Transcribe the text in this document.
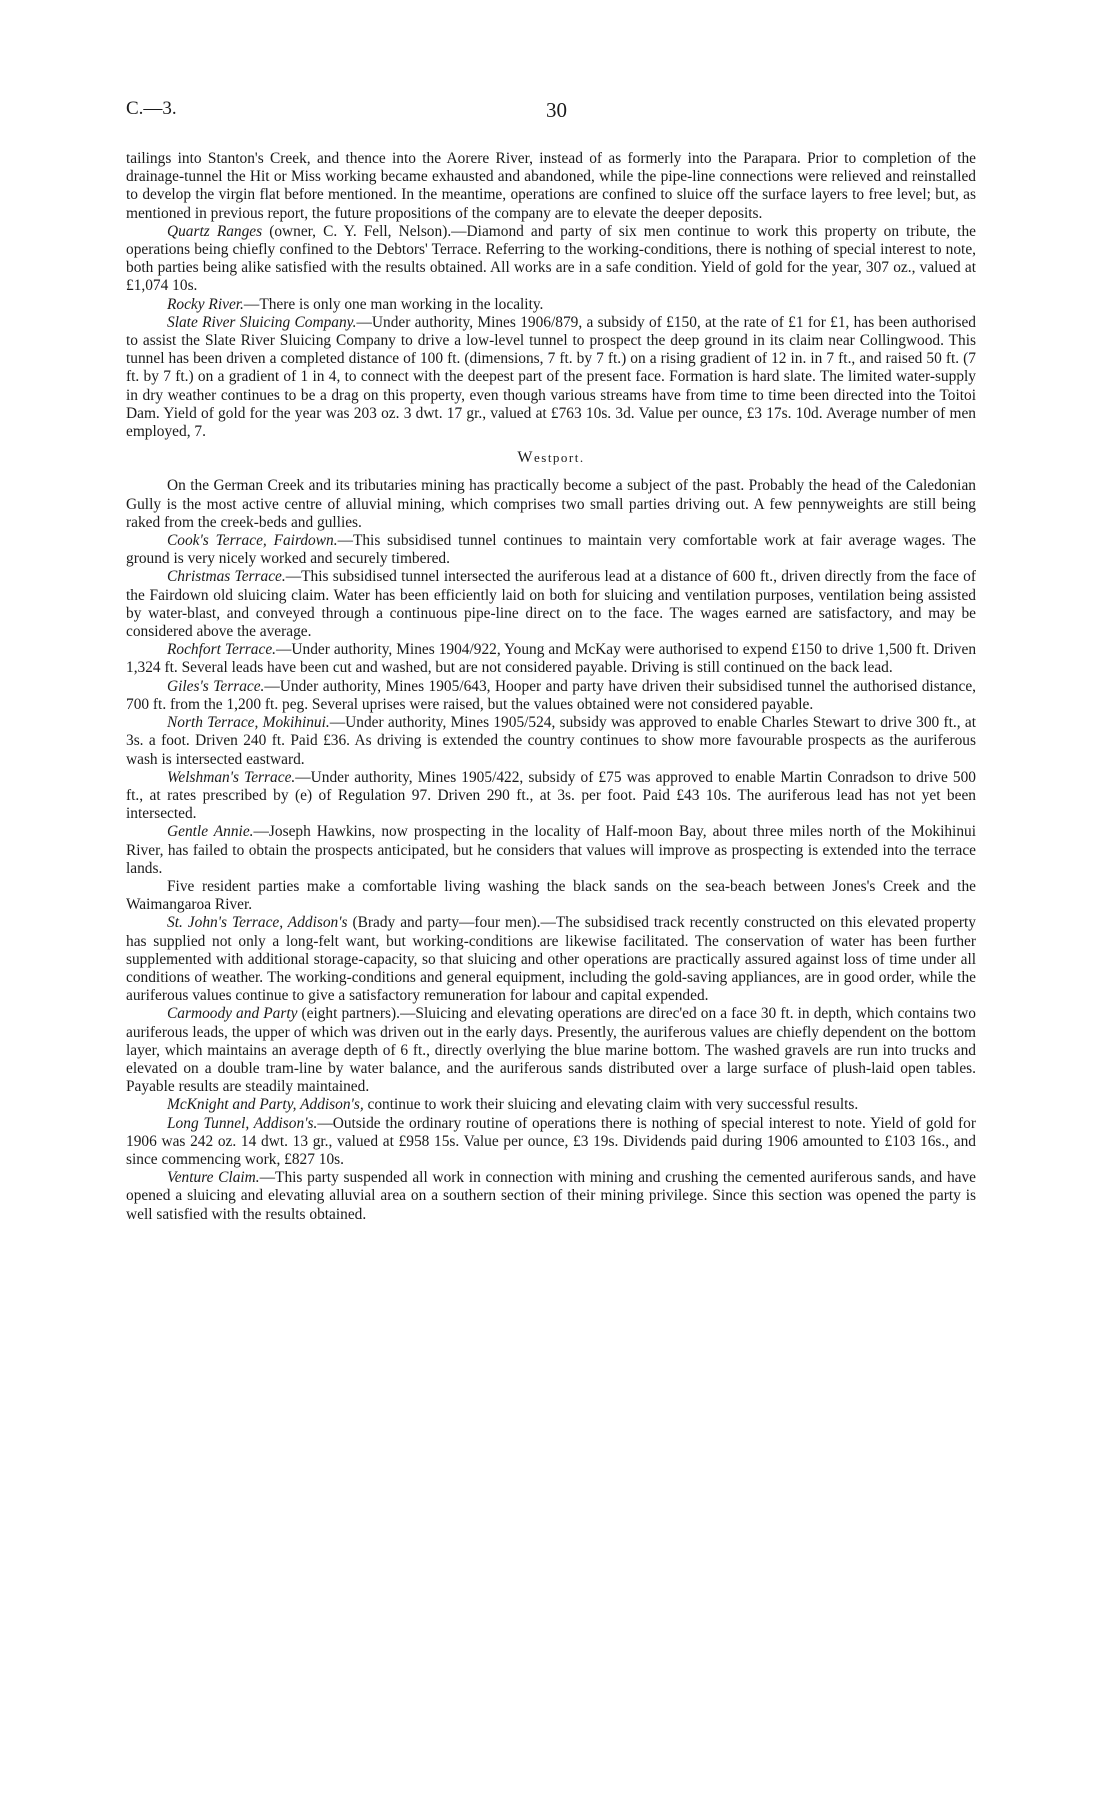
C.—3.	30

tailings into Stanton's Creek, and thence into the Aorere River, instead of as formerly into the Parapara. Prior to completion of the drainage-tunnel the Hit or Miss working became exhausted and abandoned, while the pipe-line connections were relieved and reinstalled to develop the virgin flat before mentioned. In the meantime, operations are confined to sluice off the surface layers to free level; but, as mentioned in previous report, the future propositions of the company are to elevate the deeper deposits.

Quartz Ranges (owner, C. Y. Fell, Nelson).—Diamond and party of six men continue to work this property on tribute, the operations being chiefly confined to the Debtors' Terrace. Referring to the working-conditions, there is nothing of special interest to note, both parties being alike satisfied with the results obtained. All works are in a safe condition. Yield of gold for the year, 307 oz., valued at £1,074 10s.

Rocky River.—There is only one man working in the locality.

Slate River Sluicing Company.—Under authority, Mines 1906/879, a subsidy of £150, at the rate of £1 for £1, has been authorised to assist the Slate River Sluicing Company to drive a low-level tunnel to prospect the deep ground in its claim near Collingwood. This tunnel has been driven a completed distance of 100 ft. (dimensions, 7 ft. by 7 ft.) on a rising gradient of 12 in. in 7 ft., and raised 50 ft. (7 ft. by 7 ft.) on a gradient of 1 in 4, to connect with the deepest part of the present face. Formation is hard slate. The limited water-supply in dry weather continues to be a drag on this property, even though various streams have from time to time been directed into the Toitoi Dam. Yield of gold for the year was 203 oz. 3 dwt. 17 gr., valued at £763 10s. 3d. Value per ounce, £3 17s. 10d. Average number of men employed, 7.

Westport.

On the German Creek and its tributaries mining has practically become a subject of the past. Probably the head of the Caledonian Gully is the most active centre of alluvial mining, which comprises two small parties driving out. A few pennyweights are still being raked from the creek-beds and gullies.

Cook's Terrace, Fairdown.—This subsidised tunnel continues to maintain very comfortable work at fair average wages. The ground is very nicely worked and securely timbered.

Christmas Terrace.—This subsidised tunnel intersected the auriferous lead at a distance of 600 ft., driven directly from the face of the Fairdown old sluicing claim. Water has been efficiently laid on both for sluicing and ventilation purposes, ventilation being assisted by water-blast, and conveyed through a continuous pipe-line direct on to the face. The wages earned are satisfactory, and may be considered above the average.

Rochfort Terrace.—Under authority, Mines 1904/922, Young and McKay were authorised to expend £150 to drive 1,500 ft. Driven 1,324 ft. Several leads have been cut and washed, but are not considered payable. Driving is still continued on the back lead.

Giles's Terrace.—Under authority, Mines 1905/643, Hooper and party have driven their subsidised tunnel the authorised distance, 700 ft. from the 1,200 ft. peg. Several uprises were raised, but the values obtained were not considered payable.

North Terrace, Mokihinui.—Under authority, Mines 1905/524, subsidy was approved to enable Charles Stewart to drive 300 ft., at 3s. a foot. Driven 240 ft. Paid £36. As driving is extended the country continues to show more favourable prospects as the auriferous wash is intersected eastward.

Welshman's Terrace.—Under authority, Mines 1905/422, subsidy of £75 was approved to enable Martin Conradson to drive 500 ft., at rates prescribed by (e) of Regulation 97. Driven 290 ft., at 3s. per foot. Paid £43 10s. The auriferous lead has not yet been intersected.

Gentle Annie.—Joseph Hawkins, now prospecting in the locality of Half-moon Bay, about three miles north of the Mokihinui River, has failed to obtain the prospects anticipated, but he considers that values will improve as prospecting is extended into the terrace lands.

Five resident parties make a comfortable living washing the black sands on the sea-beach between Jones's Creek and the Waimangaroa River.

St. John's Terrace, Addison's (Brady and party—four men).—The subsidised track recently constructed on this elevated property has supplied not only a long-felt want, but working-conditions are likewise facilitated. The conservation of water has been further supplemented with additional storage-capacity, so that sluicing and other operations are practically assured against loss of time under all conditions of weather. The working-conditions and general equipment, including the gold-saving appliances, are in good order, while the auriferous values continue to give a satisfactory remuneration for labour and capital expended.

Carmoody and Party (eight partners).—Sluicing and elevating operations are direc'ed on a face 30 ft. in depth, which contains two auriferous leads, the upper of which was driven out in the early days. Presently, the auriferous values are chiefly dependent on the bottom layer, which maintains an average depth of 6 ft., directly overlying the blue marine bottom. The washed gravels are run into trucks and elevated on a double tram-line by water balance, and the auriferous sands distributed over a large surface of plush-laid open tables. Payable results are steadily maintained.

McKnight and Party, Addison's, continue to work their sluicing and elevating claim with very successful results.

Long Tunnel, Addison's.—Outside the ordinary routine of operations there is nothing of special interest to note. Yield of gold for 1906 was 242 oz. 14 dwt. 13 gr., valued at £958 15s. Value per ounce, £3 19s. Dividends paid during 1906 amounted to £103 16s., and since commencing work, £827 10s.

Venture Claim.—This party suspended all work in connection with mining and crushing the cemented auriferous sands, and have opened a sluicing and elevating alluvial area on a southern section of their mining privilege. Since this section was opened the party is well satisfied with the results obtained.
